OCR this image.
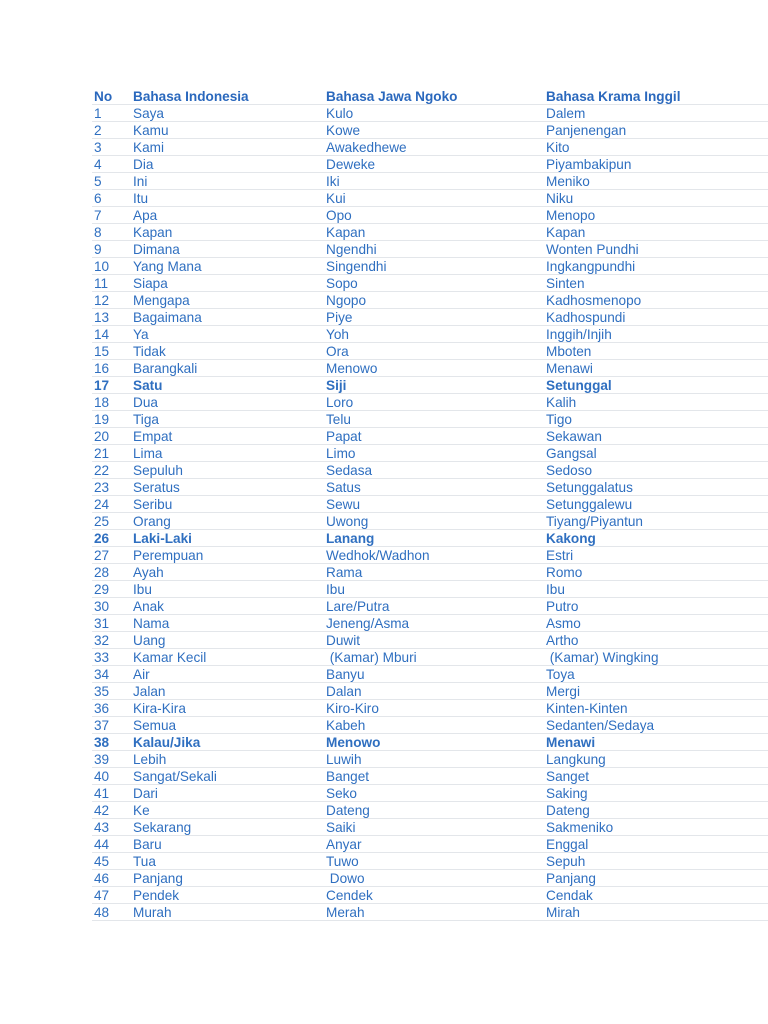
No	Bahasa Indonesia	Bahasa Jawa Ngoko	Bahasa Krama Inggil
1	Saya	Kulo	Dalem
2	Kamu	Kowe	Panjenengan
3	Kami	Awakedhewe	Kito
4	Dia	Deweke	Piyambakipun
5	Ini	Iki	Meniko
6	Itu	Kui	Niku
7	Apa	Opo	Menopo
8	Kapan	Kapan	Kapan
9	Dimana	Ngendhi	Wonten Pundhi
10	Yang Mana	Singendhi	Ingkangpundhi
11	Siapa	Sopo	Sinten
12	Mengapa	Ngopo	Kadhosmenopo
13	Bagaimana	Piye	Kadhospundi
14	Ya	Yoh	Inggih/Injih
15	Tidak	Ora	Mboten
16	Barangkali	Menowo	Menawi
17	Satu	Siji	Setunggal
18	Dua	Loro	Kalih
19	Tiga	Telu	Tigo
20	Empat	Papat	Sekawan
21	Lima	Limo	Gangsal
22	Sepuluh	Sedasa	Sedoso
23	Seratus	Satus	Setunggalatus
24	Seribu	Sewu	Setunggalewu
25	Orang	Uwong	Tiyang/Piyantun
26	Laki-Laki	Lanang	Kakong
27	Perempuan	Wedhok/Wadhon	Estri
28	Ayah	Rama	Romo
29	Ibu	Ibu	Ibu
30	Anak	Lare/Putra	Putro
31	Nama	Jeneng/Asma	Asmo
32	Uang	Duwit	Artho
33	Kamar Kecil	(Kamar) Mburi	(Kamar) Wingking
34	Air	Banyu	Toya
35	Jalan	Dalan	Mergi
36	Kira-Kira	Kiro-Kiro	Kinten-Kinten
37	Semua	Kabeh	Sedanten/Sedaya
38	Kalau/Jika	Menowo	Menawi
39	Lebih	Luwih	Langkung
40	Sangat/Sekali	Banget	Sanget
41	Dari	Seko	Saking
42	Ke	Dateng	Dateng
43	Sekarang	Saiki	Sakmeniko
44	Baru	Anyar	Enggal
45	Tua	Tuwo	Sepuh
46	Panjang	Dowo	Panjang
47	Pendek	Cendek	Cendak
48	Murah	Merah	Mirah
